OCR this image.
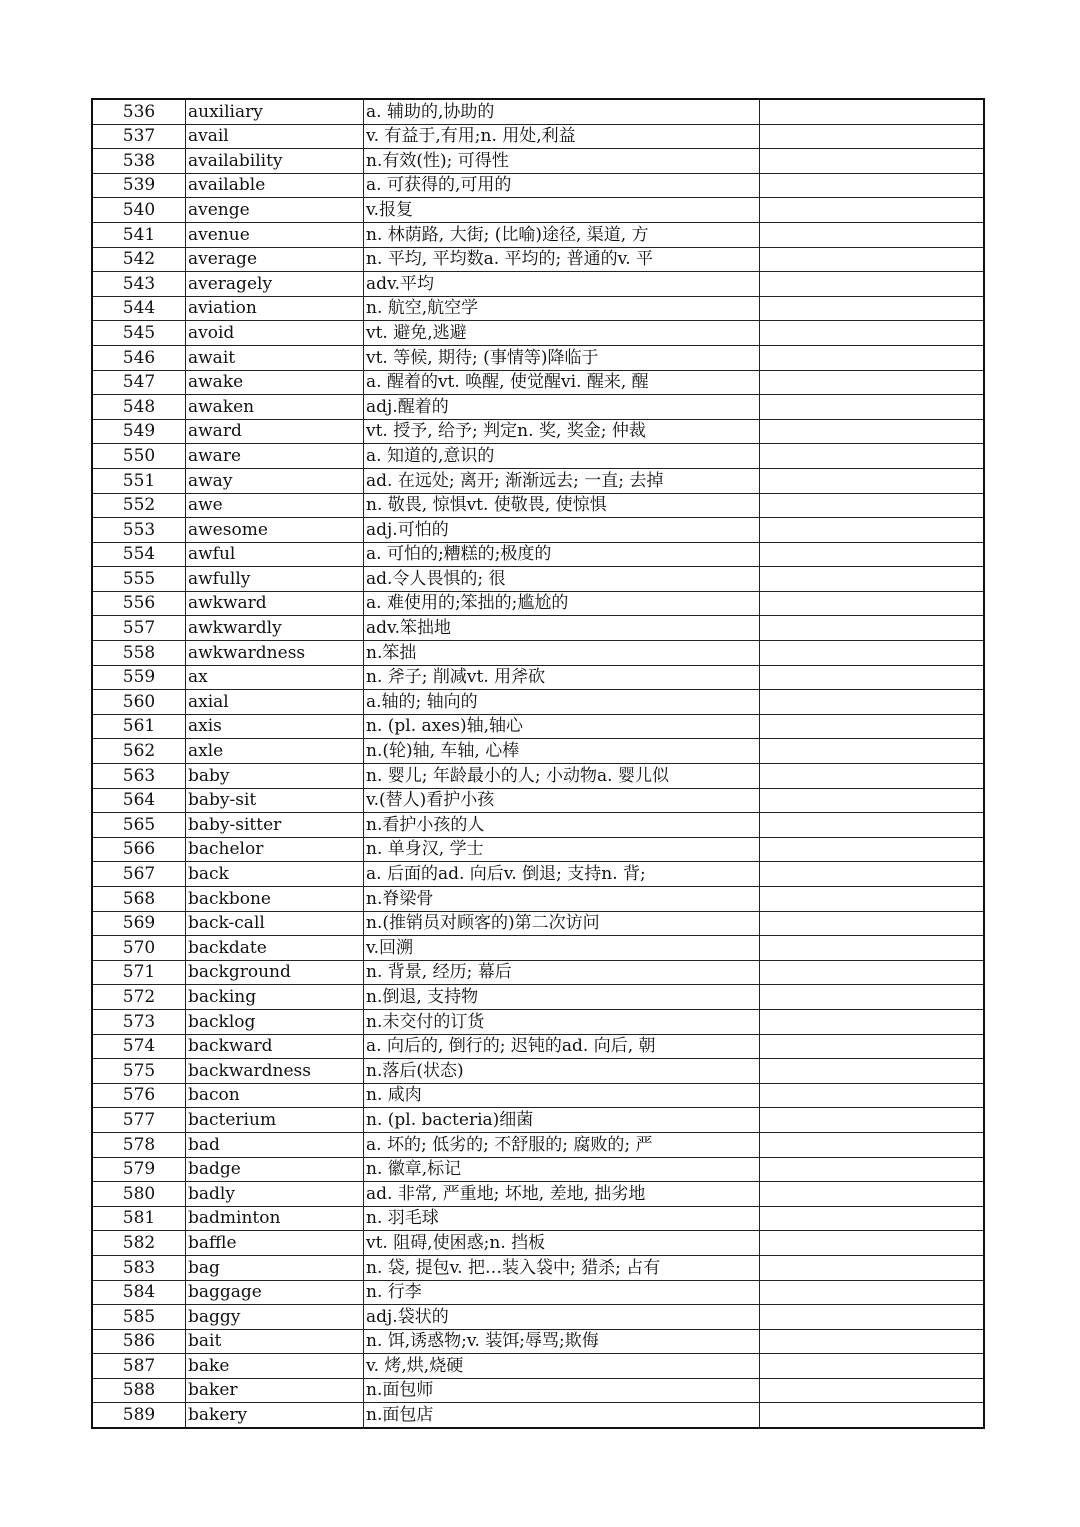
536	auxiliary	a. 辅助的,协助的	
537	avail	v. 有益于,有用;n. 用处,利益	
538	availability	n.有效(性); 可得性	
539	available	a. 可获得的,可用的	
540	avenge	v.报复	
541	avenue	n. 林荫路, 大街; (比喻)途径, 渠道, 方	
542	average	n. 平均, 平均数a. 平均的; 普通的v. 平	
543	averagely	adv.平均	
544	aviation	n. 航空,航空学	
545	avoid	vt. 避免,逃避	
546	await	vt. 等候, 期待; (事情等)降临于	
547	awake	a. 醒着的vt. 唤醒, 使觉醒vi. 醒来, 醒	
548	awaken	adj.醒着的	
549	award	vt. 授予, 给予; 判定n. 奖, 奖金; 仲裁	
550	aware	a. 知道的,意识的	
551	away	ad. 在远处; 离开; 渐渐远去; 一直; 去掉	
552	awe	n. 敬畏, 惊惧vt. 使敬畏, 使惊惧	
553	awesome	adj.可怕的	
554	awful	a. 可怕的;糟糕的;极度的	
555	awfully	ad.令人畏惧的; 很	
556	awkward	a. 难使用的;笨拙的;尴尬的	
557	awkwardly	adv.笨拙地	
558	awkwardness	n.笨拙	
559	ax	n. 斧子; 削减vt. 用斧砍	
560	axial	a.轴的; 轴向的	
561	axis	n. (pl. axes)轴,轴心	
562	axle	n.(轮)轴, 车轴, 心棒	
563	baby	n. 婴儿; 年龄最小的人; 小动物a. 婴儿似	
564	baby-sit	v.(替人)看护小孩	
565	baby-sitter	n.看护小孩的人	
566	bachelor	n. 单身汉, 学士	
567	back	a. 后面的ad. 向后v. 倒退; 支持n. 背;	
568	backbone	n.脊梁骨	
569	back-call	n.(推销员对顾客的)第二次访问	
570	backdate	v.回溯	
571	background	n. 背景, 经历; 幕后	
572	backing	n.倒退, 支持物	
573	backlog	n.未交付的订货	
574	backward	a. 向后的, 倒行的; 迟钝的ad. 向后, 朝	
575	backwardness	n.落后(状态)	
576	bacon	n. 咸肉	
577	bacterium	n. (pl. bacteria)细菌	
578	bad	a. 坏的; 低劣的; 不舒服的; 腐败的; 严	
579	badge	n. 徽章,标记	
580	badly	ad. 非常, 严重地; 坏地, 差地, 拙劣地	
581	badminton	n. 羽毛球	
582	baffle	vt. 阻碍,使困惑;n. 挡板	
583	bag	n. 袋, 提包v. 把…装入袋中; 猎杀; 占有	
584	baggage	n. 行李	
585	baggy	adj.袋状的	
586	bait	n. 饵,诱惑物;v. 装饵;辱骂;欺侮	
587	bake	v. 烤,烘,烧硬	
588	baker	n.面包师	
589	bakery	n.面包店	
